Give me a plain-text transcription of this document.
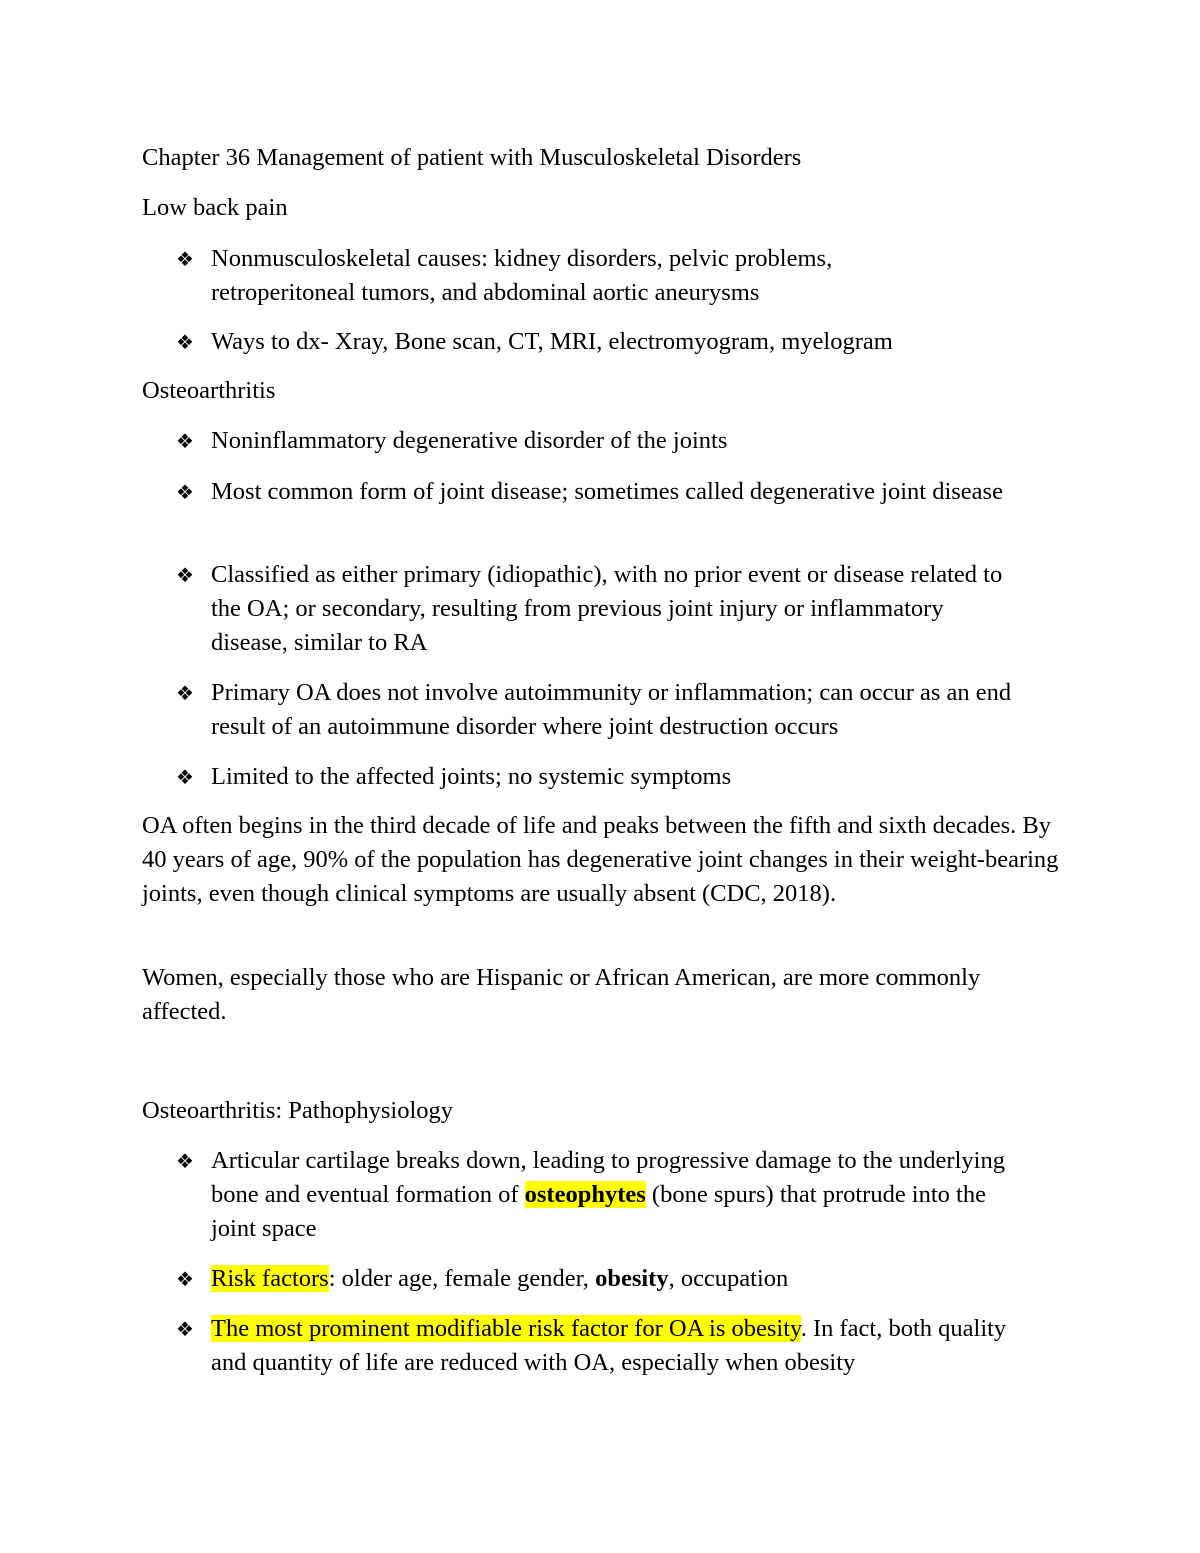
Chapter 36 Management of patient with Musculoskeletal Disorders

Low back pain

❖ Nonmusculoskeletal causes: kidney disorders, pelvic problems, retroperitoneal tumors, and abdominal aortic aneurysms
❖ Ways to dx- Xray, Bone scan, CT, MRI, electromyogram, myelogram

Osteoarthritis

❖ Noninflammatory degenerative disorder of the joints
❖ Most common form of joint disease; sometimes called degenerative joint disease
❖ Classified as either primary (idiopathic), with no prior event or disease related to the OA; or secondary, resulting from previous joint injury or inflammatory disease, similar to RA
❖ Primary OA does not involve autoimmunity or inflammation; can occur as an end result of an autoimmune disorder where joint destruction occurs
❖ Limited to the affected joints; no systemic symptoms

OA often begins in the third decade of life and peaks between the fifth and sixth decades. By 40 years of age, 90% of the population has degenerative joint changes in their weight-bearing joints, even though clinical symptoms are usually absent (CDC, 2018).

Women, especially those who are Hispanic or African American, are more commonly affected.

Osteoarthritis: Pathophysiology

❖ Articular cartilage breaks down, leading to progressive damage to the underlying bone and eventual formation of osteophytes (bone spurs) that protrude into the joint space
❖ Risk factors: older age, female gender, obesity, occupation
❖ The most prominent modifiable risk factor for OA is obesity. In fact, both quality and quantity of life are reduced with OA, especially when obesity
